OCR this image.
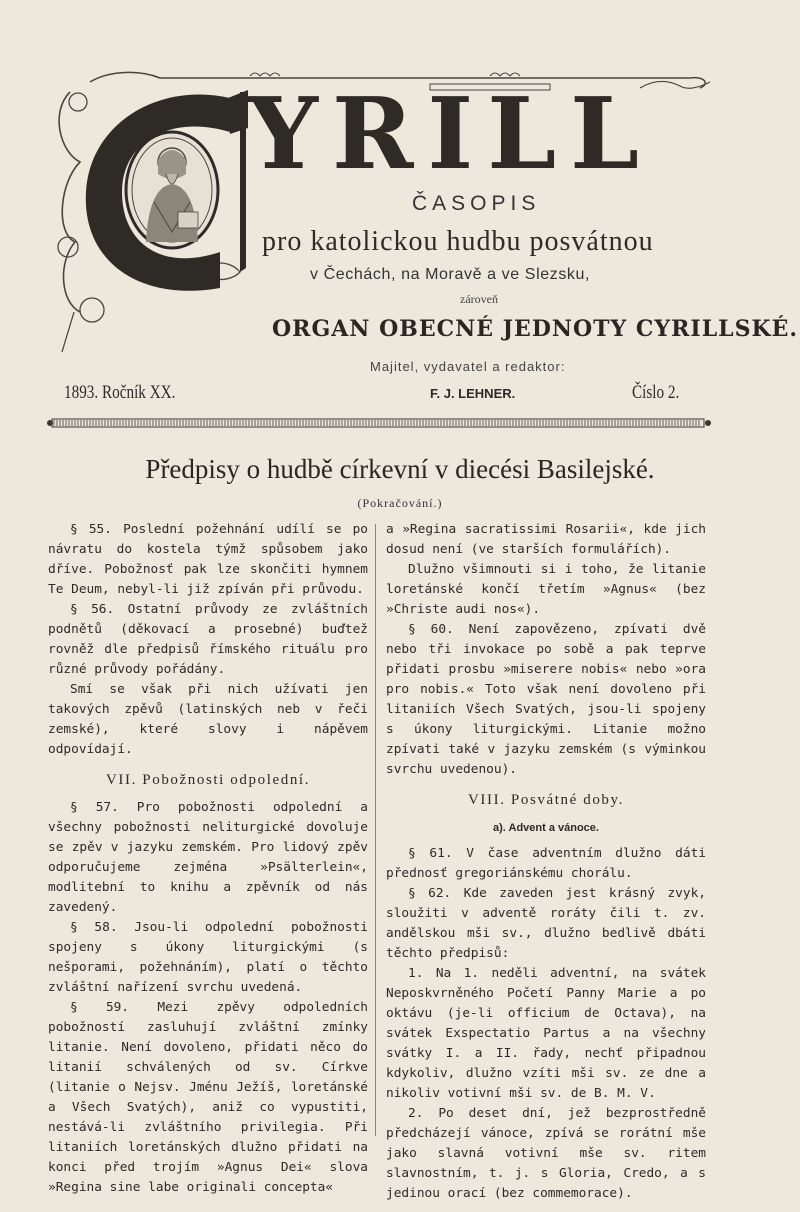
YRILL
ČASOPIS
pro katolickou hudbu posvátnou
v Čechách, na Moravě a ve Slezsku,
zároveň
ORGAN OBECNÉ JEDNOTY CYRILLSKÉ.
Majitel, vydavatel a redaktor:
1893. Ročník XX.	F. J. LEHNER.	Číslo 2.
Předpisy o hudbě církevní v diecési Basilejské.
(Pokračování.)

§ 55. Poslední požehnání udílí se po návratu do kostela týmž spůsobem jako dříve. Pobožnosť pak lze skončiti hymnem Te Deum, nebyl-li již zpíván při průvodu.

§ 56. Ostatní průvody ze zvláštních podnětů (děkovací a prosebné) buďtež rovněž dle předpisů římského rituálu pro různé průvody pořádány.

Smí se však při nich užívati jen takových zpěvů (latinských neb v řeči zemské), které slovy i nápěvem odpovídají.

VII. Pobožnosti odpolední.

§ 57. Pro pobožnosti odpolední a všechny pobožnosti neliturgické dovoluje se zpěv v jazyku zemském. Pro lidový zpěv odporučujeme zejména »Psälterlein«, modlitební to knihu a zpěvník od nás zavedený.

§ 58. Jsou-li odpolední pobožnosti spojeny s úkony liturgickými (s nešporami, požehnáním), platí o těchto zvláštní nařízení svrchu uvedená.

§ 59. Mezi zpěvy odpoledních pobožností zasluhují zvláštní zmínky litanie. Není dovoleno, přidati něco do litanií schválených od sv. Církve (litanie o Nejsv. Jménu Ježíš, loretánské a Všech Svatých), aniž co vypustiti, nestává-li zvláštního privilegia. Při litaniích loretánských dlužno přidati na konci před trojím »Agnus Dei« slova »Regina sine labe originali concepta«

a »Regina sacratissimi Rosarii«, kde jich dosud není (ve starších formulářích).

Dlužno všimnouti si i toho, že litanie loretánské končí třetím »Agnus« (bez »Christe audi nos«).

§ 60. Není zapovězeno, zpívati dvě nebo tři invokace po sobě a pak teprve přidati prosbu »miserere nobis« nebo »ora pro nobis.« Toto však není dovoleno při litaniích Všech Svatých, jsou-li spojeny s úkony liturgickými. Litanie možno zpívati také v jazyku zemském (s výminkou svrchu uvedenou).

VIII. Posvátné doby.
a). Advent a vánoce.

§ 61. V čase adventním dlužno dáti přednosť gregoriánskému chorálu.

§ 62. Kde zaveden jest krásný zvyk, sloužiti v adventě roráty čili t. zv. andělskou mši sv., dlužno bedlivě dbáti těchto předpisů:

1. Na 1. neděli adventní, na svátek Neposkvrněného Početí Panny Marie a po oktávu (je-li officium de Octava), na svátek Exspectatio Partus a na všechny svátky I. a II. řady, nechť připadnou kdykoliv, dlužno vzíti mši sv. ze dne a nikoliv votivní mši sv. de B. M. V.

2. Po deset dní, jež bezprostředně předcházejí vánoce, zpívá se rorátní mše jako slavná votivní mše sv. ritem slavnostním, t. j. s Gloria, Credo, a s jedinou orací (bez commemorace).
